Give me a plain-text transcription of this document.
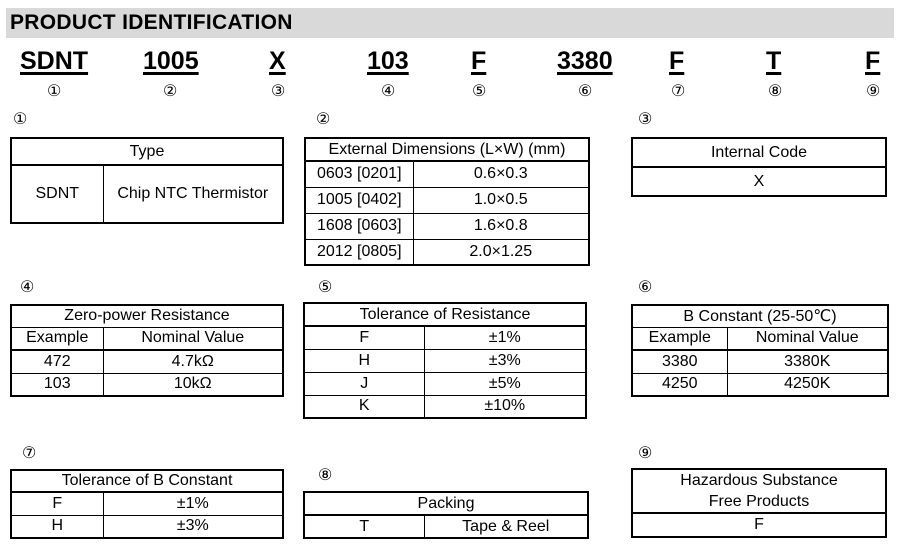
PRODUCT IDENTIFICATION
SDNT 1005	X	103 F	3380 F	T	F
①	②	③	④	⑤	⑥	⑦	⑧	⑨
①	②	③
④	⑤	⑥
⑦
⑧
⑨
Type
SDNT	Chip NTC Thermistor
External Dimensions (L×W) (mm)	
0603 [0201]	0.6×0.3
1005 [0402]	1.0×0.5
1608 [0603]	1.6×0.8
2012 [0805]	2.0×1.25
Internal Code
X
Zero-power Resistance	
Example	Nominal Value
472	4.7kΩ
103	10kΩ
Tolerance of Resistance	
F	±1%
H	±3%
J	±5%
K	±10%
B Constant (25-50℃)	
Example	Nominal Value
3380	3380K
4250	4250K
Tolerance of B Constant	
F	±1%
H	±3%
Packing
T	Tape & Reel
Hazardous Substance
Free Products
F
